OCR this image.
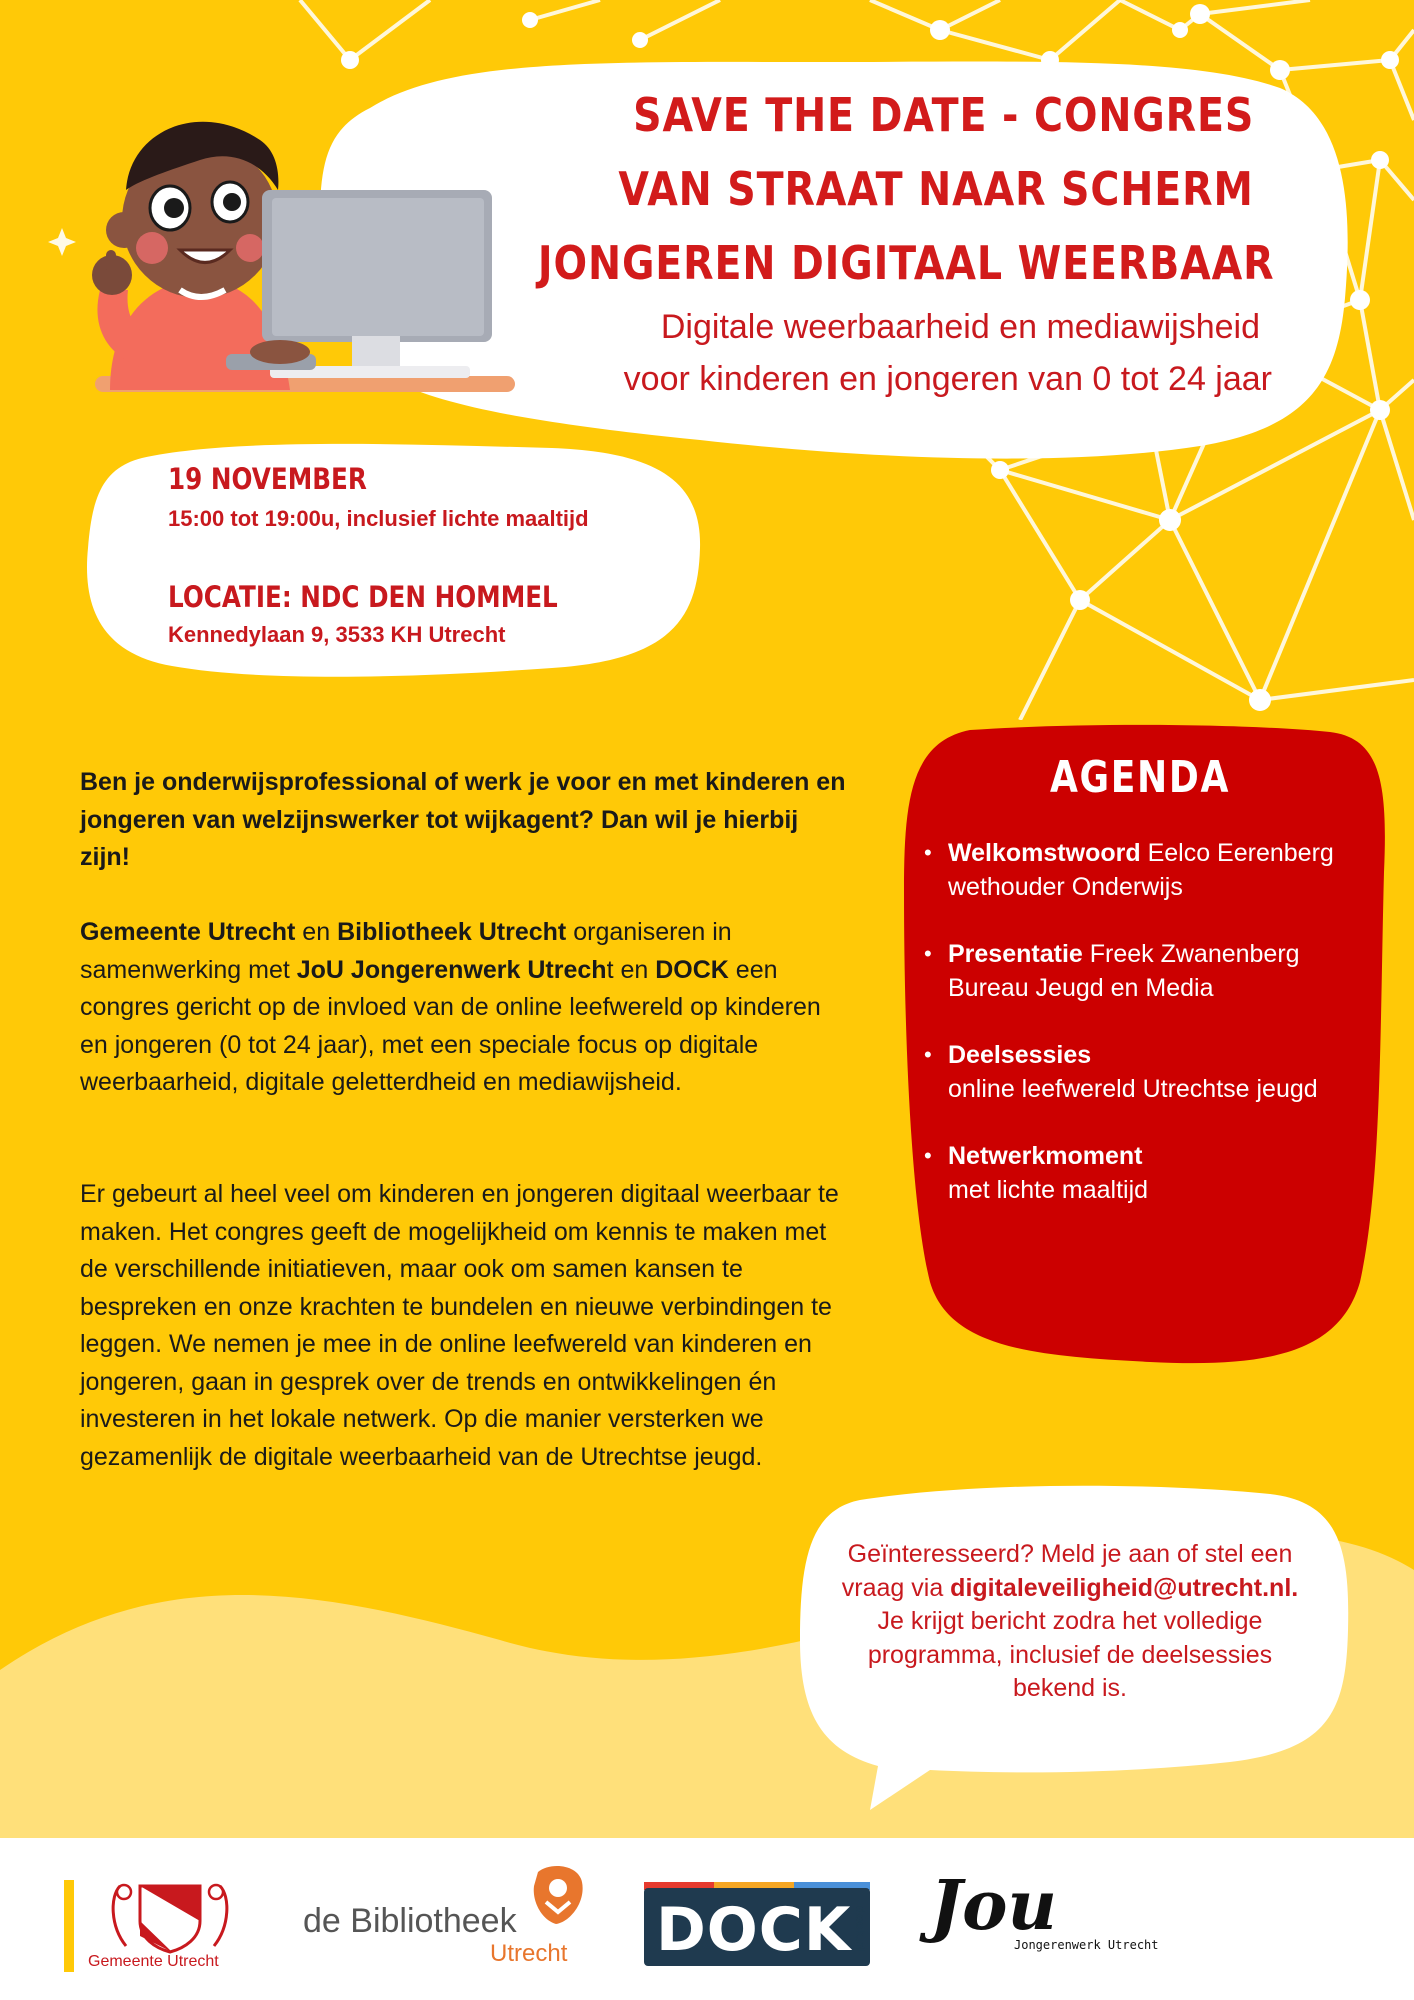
SAVE THE DATE - CONGRES
VAN STRAAT NAAR SCHERM
JONGEREN DIGITAAL WEERBAAR
Digitale weerbaarheid en mediawijsheid
voor kinderen en jongeren van 0 tot 24 jaar
19 NOVEMBER
15:00 tot 19:00u, inclusief lichte maaltijd
LOCATIE: NDC DEN HOMMEL
Kennedylaan 9, 3533 KH Utrecht
Ben je onderwijsprofessional of werk je voor en met kinderen en jongeren van welzijnswerker tot wijkagent? Dan wil je hierbij zijn!
Gemeente Utrecht en Bibliotheek Utrecht organiseren in samenwerking met JoU Jongerenwerk Utrecht en DOCK een congres gericht op de invloed van de online leefwereld op kinderen en jongeren (0 tot 24 jaar), met een speciale focus op digitale weerbaarheid, digitale geletterdheid en mediawijsheid.
Er gebeurt al heel veel om kinderen en jongeren digitaal weerbaar te maken. Het congres geeft de mogelijkheid om kennis te maken met de verschillende initiatieven, maar ook om samen kansen te bespreken en onze krachten te bundelen en nieuwe verbindingen te leggen. We nemen je mee in de online leefwereld van kinderen en jongeren, gaan in gesprek over de trends en ontwikkelingen én investeren in het lokale netwerk. Op die manier versterken we gezamenlijk de digitale weerbaarheid van de Utrechtse jeugd.
AGENDA
• Welkomstwoord Eelco Eerenberg
wethouder Onderwijs
• Presentatie Freek Zwanenberg
Bureau Jeugd en Media
• Deelsessies
online leefwereld Utrechtse jeugd
• Netwerkmoment
met lichte maaltijd
Geïnteresseerd? Meld je aan of stel een
vraag via digitaleveiligheid@utrecht.nl.
Je krijgt bericht zodra het volledige
programma, inclusief de deelsessies
bekend is.
Gemeente Utrecht
de Bibliotheek
Utrecht DOCK dock.nl Jou
Jongerenwerk Utrecht
